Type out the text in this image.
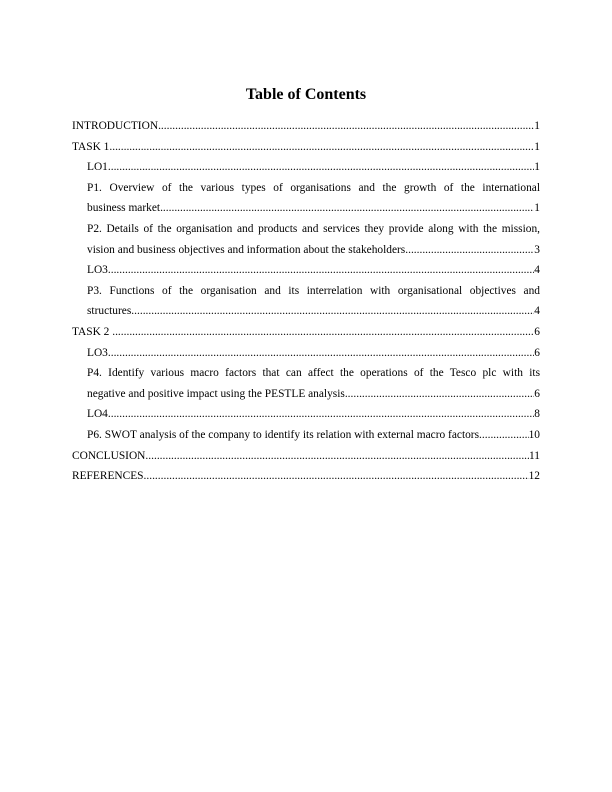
Table of Contents
INTRODUCTION .....	1
TASK 1 .....	1
LO1 .....	1
P1. Overview of the various types of organisations and the growth of the international
business market .....	1
P2. Details of the organisation and products and services they provide along with the mission,
vision and business objectives and information about the stakeholders .....	3
LO3 .....	4
P3. Functions of the organisation and its interrelation with organisational objectives and
structures .....	4
TASK 2 .....	6
LO3 .....	6
P4. Identify various macro factors that can affect the operations of the Tesco plc with its
negative and positive impact using the PESTLE analysis .....	6
LO4 .....	8
P6. SWOT analysis of the company to identify its relation with external macro factors .....	10
CONCLUSION .....	11
REFERENCES .....	12
